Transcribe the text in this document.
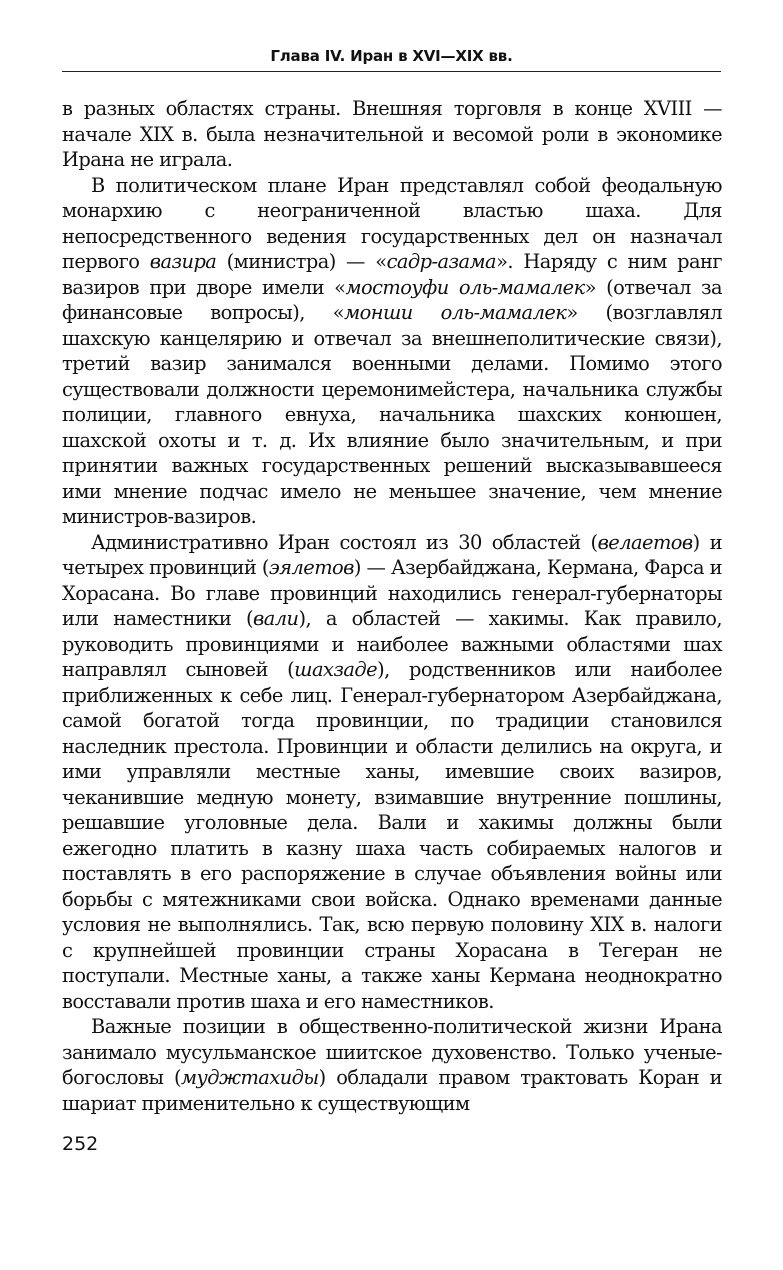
Глава IV. Иран в XVI—XIX вв.

в разных областях страны. Внешняя торговля в конце XVIII — начале XIX в. была незначительной и весомой роли в экономике Ирана не играла.

В политическом плане Иран представлял собой феодальную монархию с неограниченной властью шаха. Для непосредственного ведения государственных дел он назначал первого вазира (министра) — «садр-азама». Наряду с ним ранг вазиров при дворе имели «мостоуфи оль-мамалек» (отвечал за финансовые вопросы), «монши оль-мамалек» (возглавлял шахскую канцелярию и отвечал за внешнеполитические связи), третий вазир занимался военными делами. Помимо этого существовали должности церемонимейстера, начальника службы полиции, главного евнуха, начальника шахских конюшен, шахской охоты и т. д. Их влияние было значительным, и при принятии важных государственных решений высказывавшееся ими мнение подчас имело не меньшее значение, чем мнение министров-вазиров.

Административно Иран состоял из 30 областей (велаетов) и четырех провинций (эялетов) — Азербайджана, Кермана, Фарса и Хорасана. Во главе провинций находились генерал-губернаторы или наместники (вали), а областей — хакимы. Как правило, руководить провинциями и наиболее важными областями шах направлял сыновей (шахзаде), родственников или наиболее приближенных к себе лиц. Генерал-губернатором Азербайджана, самой богатой тогда провинции, по традиции становился наследник престола. Провинции и области делились на округа, и ими управляли местные ханы, имевшие своих вазиров, чеканившие медную монету, взимавшие внутренние пошлины, решавшие уголовные дела. Вали и хакимы должны были ежегодно платить в казну шаха часть собираемых налогов и поставлять в его распоряжение в случае объявления войны или борьбы с мятежниками свои войска. Однако временами данные условия не выполнялись. Так, всю первую половину XIX в. налоги с крупнейшей провинции страны Хорасана в Тегеран не поступали. Местные ханы, а также ханы Кермана неоднократно восставали против шаха и его наместников.

Важные позиции в общественно-политической жизни Ирана занимало мусульманское шиитское духовенство. Только ученые-богословы (муджтахиды) обладали правом трактовать Коран и шариат применительно к существующим

252
